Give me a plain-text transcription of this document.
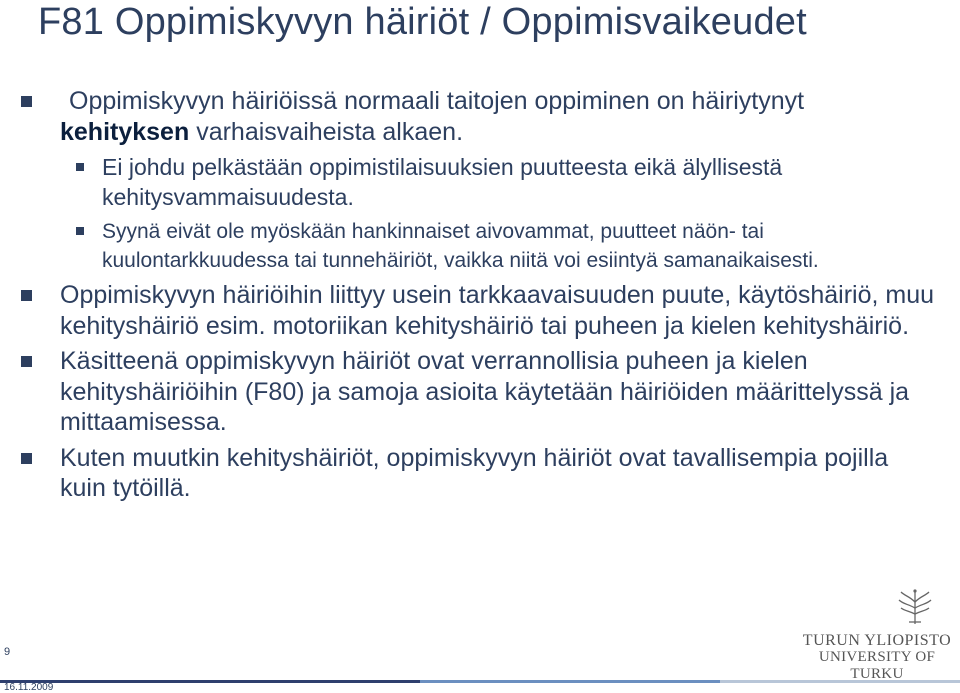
F81 Oppimiskyvyn häiriöt / Oppimisvaikeudet
Oppimiskyvyn häiriöissä normaali taitojen oppiminen on häiriytynyt
kehityksen varhaisvaiheista alkaen.
Ei johdu pelkästään oppimistilaisuuksien puutteesta eikä älyllisestä kehitysvammaisuudesta.
Syynä eivät ole myöskään hankinnaiset aivovammat, puutteet näön- tai kuulontarkkuudessa tai tunnehäiriöt, vaikka niitä voi esiintyä samanaikaisesti.
Oppimiskyvyn häiriöihin liittyy usein tarkkaavaisuuden puute, käytöshäiriö, muu kehityshäiriö esim. motoriikan kehityshäiriö tai puheen ja kielen kehityshäiriö.
Käsitteenä oppimiskyvyn häiriöt ovat verrannollisia puheen ja kielen kehityshäiriöihin (F80) ja samoja asioita käytetään häiriöiden määrittelyssä ja mittaamisessa.
Kuten muutkin kehityshäiriöt, oppimiskyvyn häiriöt ovat tavallisempia pojilla kuin tytöillä.
9
16.11.2009
TURUN YLIOPISTO
UNIVERSITY OF TURKU
